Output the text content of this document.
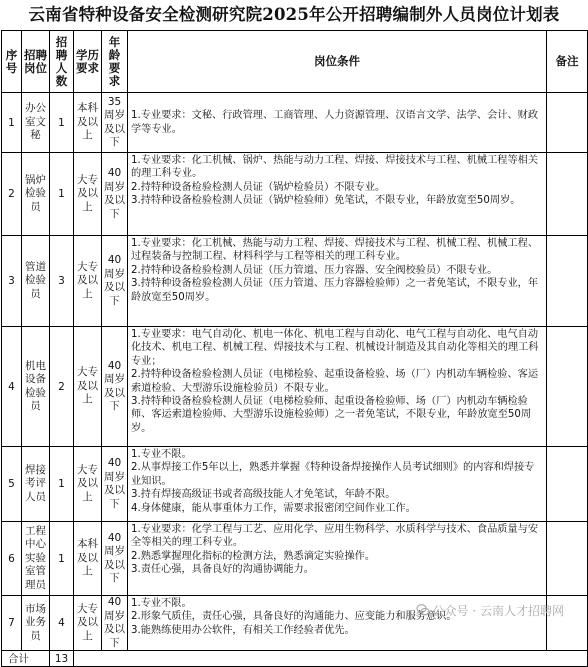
云南省特种设备安全检测研究院2025年公开招聘编制外人员岗位计划表
序号	招聘岗位	招聘人数	学历要求	年龄要求	岗位条件	备注
1	办公室文秘	1	本科及以上	35周岁及以下	1.专业要求：文秘、行政管理、工商管理、人力资源管理、汉语言文学、法学、会计、财政学等专业。	

2	锅炉检验员	1	大专及以上	40周岁及以下	1.专业要求：化工机械、锅炉、热能与动力工程、焊接、焊接技术与工程、机械工程等相关的理工科专业。
2.持特种设备检验检测人员证（锅炉检验员）不限专业。
3.持特种设备检验检测人员证（锅炉检验师）免笔试，不限专业，年龄放宽至50周岁。	

3	管道检验员	3	大专及以上	40周岁及以下	1.专业要求：化工机械、热能与动力工程、焊接、焊接技术与工程、机械工程、机械工程、过程装备与控制工程、材料科学与工程等相关的理工科专业。
2.持特种设备检验检测人员证（压力管道、压力容器、安全阀校验员）不限专业。
3.持特种设备检验检测人员证（压力管道、压力容器检验师）之一者免笔试，不限专业，年龄放宽至50周岁。	

4	机电设备检验员	2	大专及以上	40周岁及以下	1.专业要求：电气自动化、机电一体化、机电工程与自动化、电气工程与自动化、电气自动化技术、机电工程、机械工程、焊接技术与工程、机械设计制造及其自动化等相关的理工科专业；
2.持特种设备检验检测人员证（电梯检验、起重设备检验、场（厂）内机动车辆检验、客运索道检验、大型游乐设施检验员）不限专业。
3.持特种设备检验检测人员证（电梯检验师、起重设备检验师、场（厂）内机动车辆检验师、客运索道检验师、大型游乐设施检验师）之一者免笔试，不限专业，年龄放宽至50周岁。	

5	焊接考评人员	1	大专及以上	40周岁及以下	1.专业不限。
2.从事焊接工作5年以上，熟悉并掌握《特种设备焊接操作人员考试细则》的内容和焊接专业知识。
3.持有焊接高级证书或者高级技能人才免笔试，年龄不限。
4.身体健康，能从事重体力工作，需要求报密闭空间作业工作。	

6	工程中心实验室管理员	1	本科及以上	40周岁及以下	1.专业要求：化学工程与工艺、应用化学、应用生物科学、水质科学与技术、食品质量与安全等相关的理工科专业。
2.熟悉掌握理化指标的检测方法，熟悉滴定实验操作。
3.责任心强，具备良好的沟通协调能力。	

7	市场业务员	4	大专及以上	40周岁及以下	1.专业不限。
2.形象气质佳，责任心强，具备良好的沟通能力、应变能力和服务意识。
3.能熟练使用办公软件，有相关工作经验者优先。	

合计		13				
公众号 · 云南人才招聘网
